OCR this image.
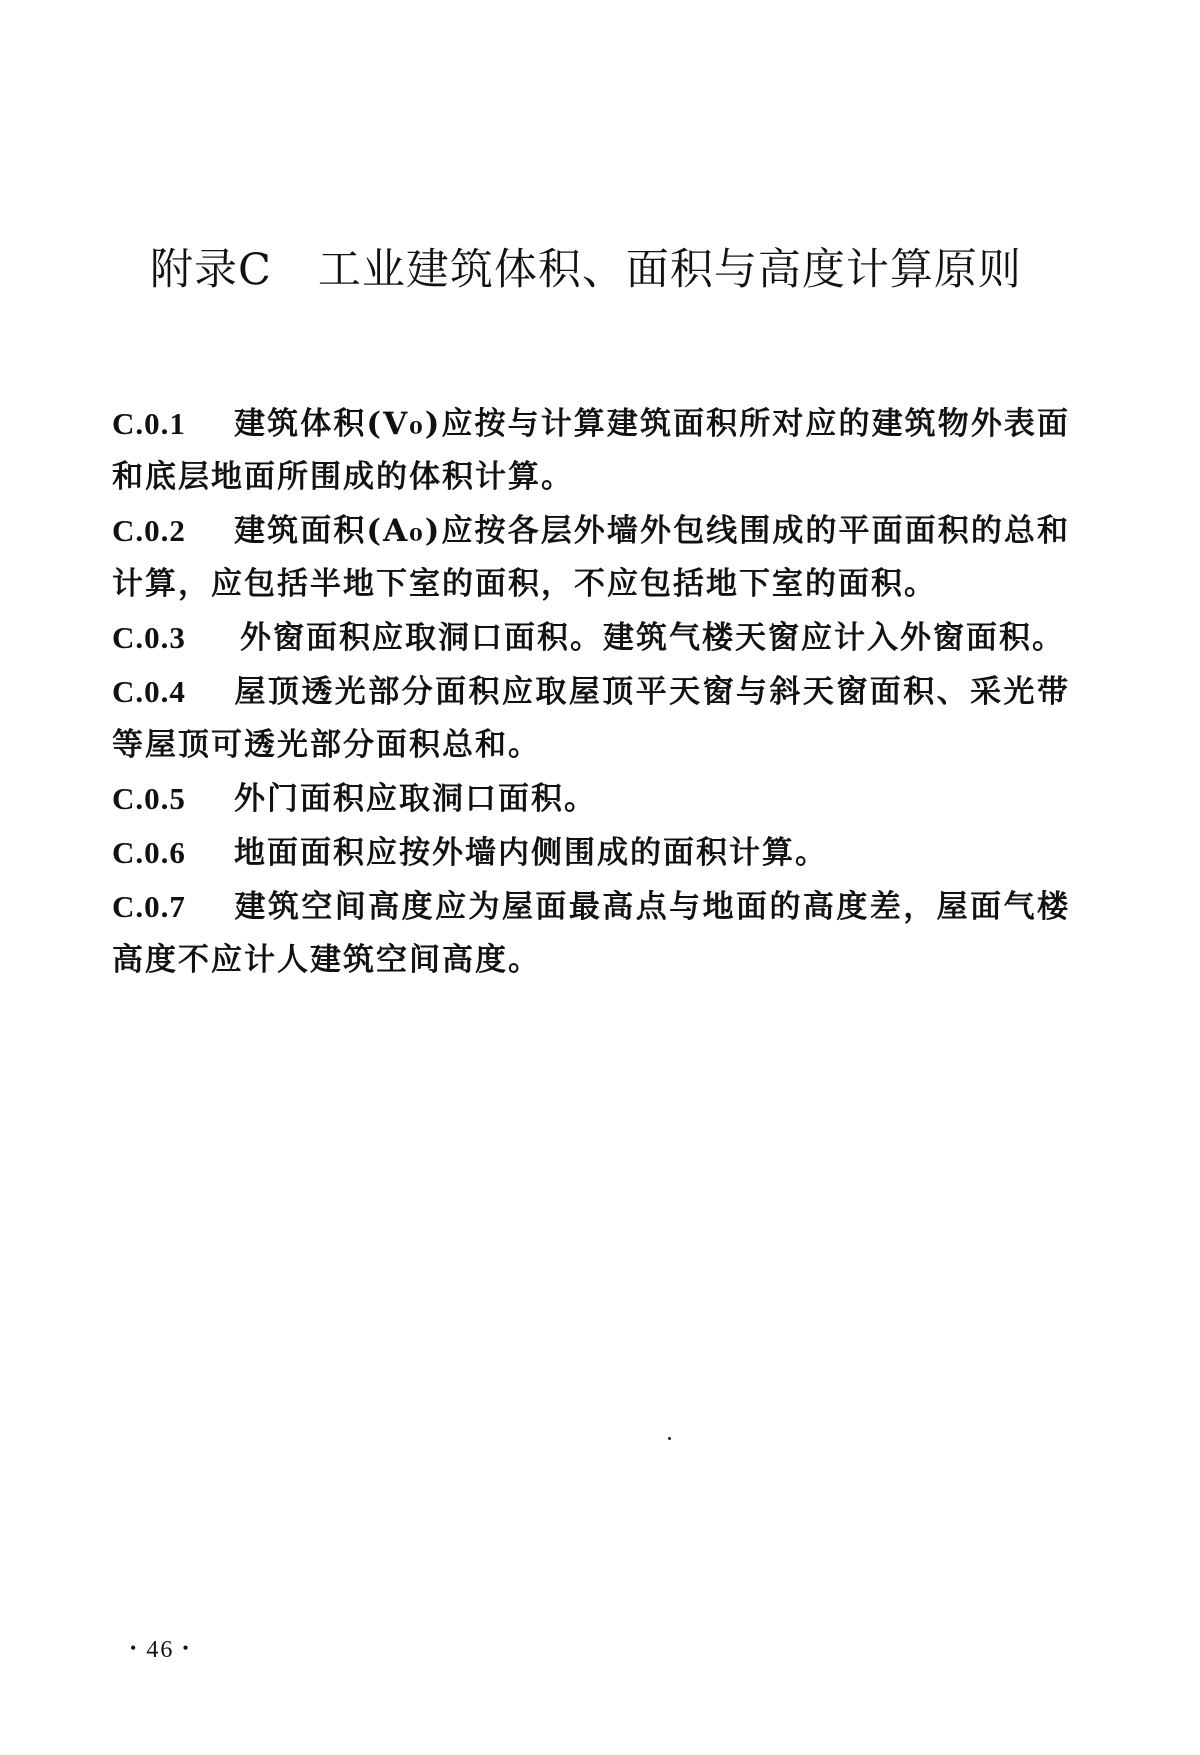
附录C 工业建筑体积、面积与高度计算原则

C.0.1 建筑体积(V₀)应按与计算建筑面积所对应的建筑物外表面和底层地面所围成的体积计算。

C.0.2 建筑面积(A₀)应按各层外墙外包线围成的平面面积的总和计算，应包括半地下室的面积，不应包括地下室的面积。

C.0.3 外窗面积应取洞口面积。建筑气楼天窗应计入外窗面积。

C.0.4 屋顶透光部分面积应取屋顶平天窗与斜天窗面积、采光带等屋顶可透光部分面积总和。

C.0.5 外门面积应取洞口面积。

C.0.6 地面面积应按外墙内侧围成的面积计算。

C.0.7 建筑空间高度应为屋面最高点与地面的高度差，屋面气楼高度不应计人建筑空间高度。

• 46 •
